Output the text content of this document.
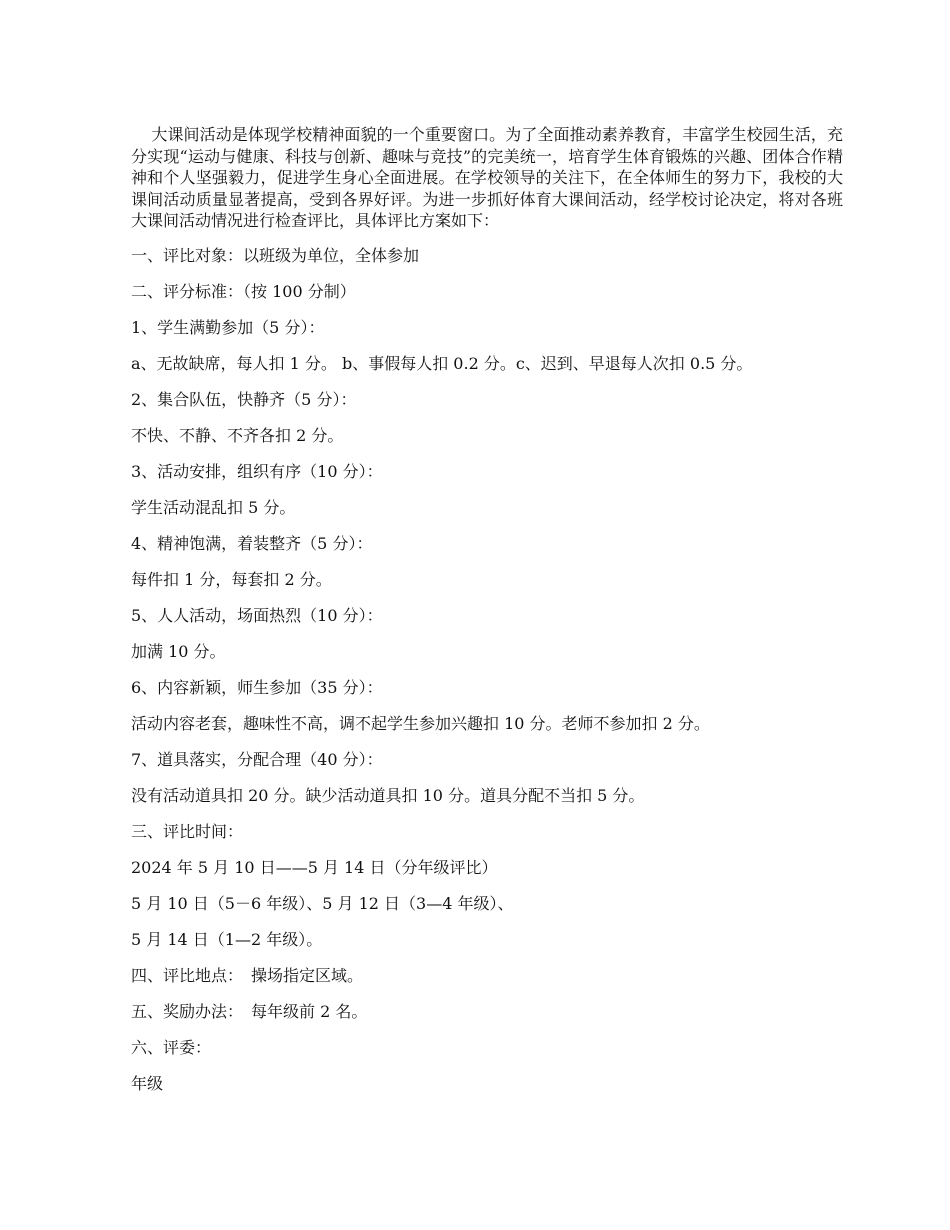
大课间活动是体现学校精神面貌的一个重要窗口。为了全面推动素养教育，丰富学生校园生活，充分实现“运动与健康、科技与创新、趣味与竞技”的完美统一，培育学生体育锻炼的兴趣、团体合作精神和个人坚强毅力，促进学生身心全面进展。在学校领导的关注下，在全体师生的努力下，我校的大课间活动质量显著提高，受到各界好评。为进一步抓好体育大课间活动，经学校讨论决定，将对各班大课间活动情况进行检查评比，具体评比方案如下：

一、评比对象：以班级为单位，全体参加

二、评分标准：（按 100 分制）

1、学生满勤参加（5 分）：

a、无故缺席，每人扣 1 分。 b、事假每人扣 0.2 分。c、迟到、早退每人次扣 0.5 分。

2、集合队伍，快静齐（5 分）：

不快、不静、不齐各扣 2 分。

3、活动安排，组织有序（10 分）：

学生活动混乱扣 5 分。

4、精神饱满，着装整齐（5 分）：

每件扣 1 分，每套扣 2 分。

5、人人活动，场面热烈（10 分）：

加满 10 分。

6、内容新颖，师生参加（35 分）：

活动内容老套，趣味性不高，调不起学生参加兴趣扣 10 分。老师不参加扣 2 分。

7、道具落实，分配合理（40 分）：

没有活动道具扣 20 分。缺少活动道具扣 10 分。道具分配不当扣 5 分。

三、评比时间：

2024 年 5 月 10 日——5 月 14 日（分年级评比）

5 月 10 日（5－6 年级）、5 月 12 日（3—4 年级）、

5 月 14 日（1—2 年级）。

四、评比地点：　操场指定区域。

五、奖励办法：　每年级前 2 名。

六、评委：

年级
